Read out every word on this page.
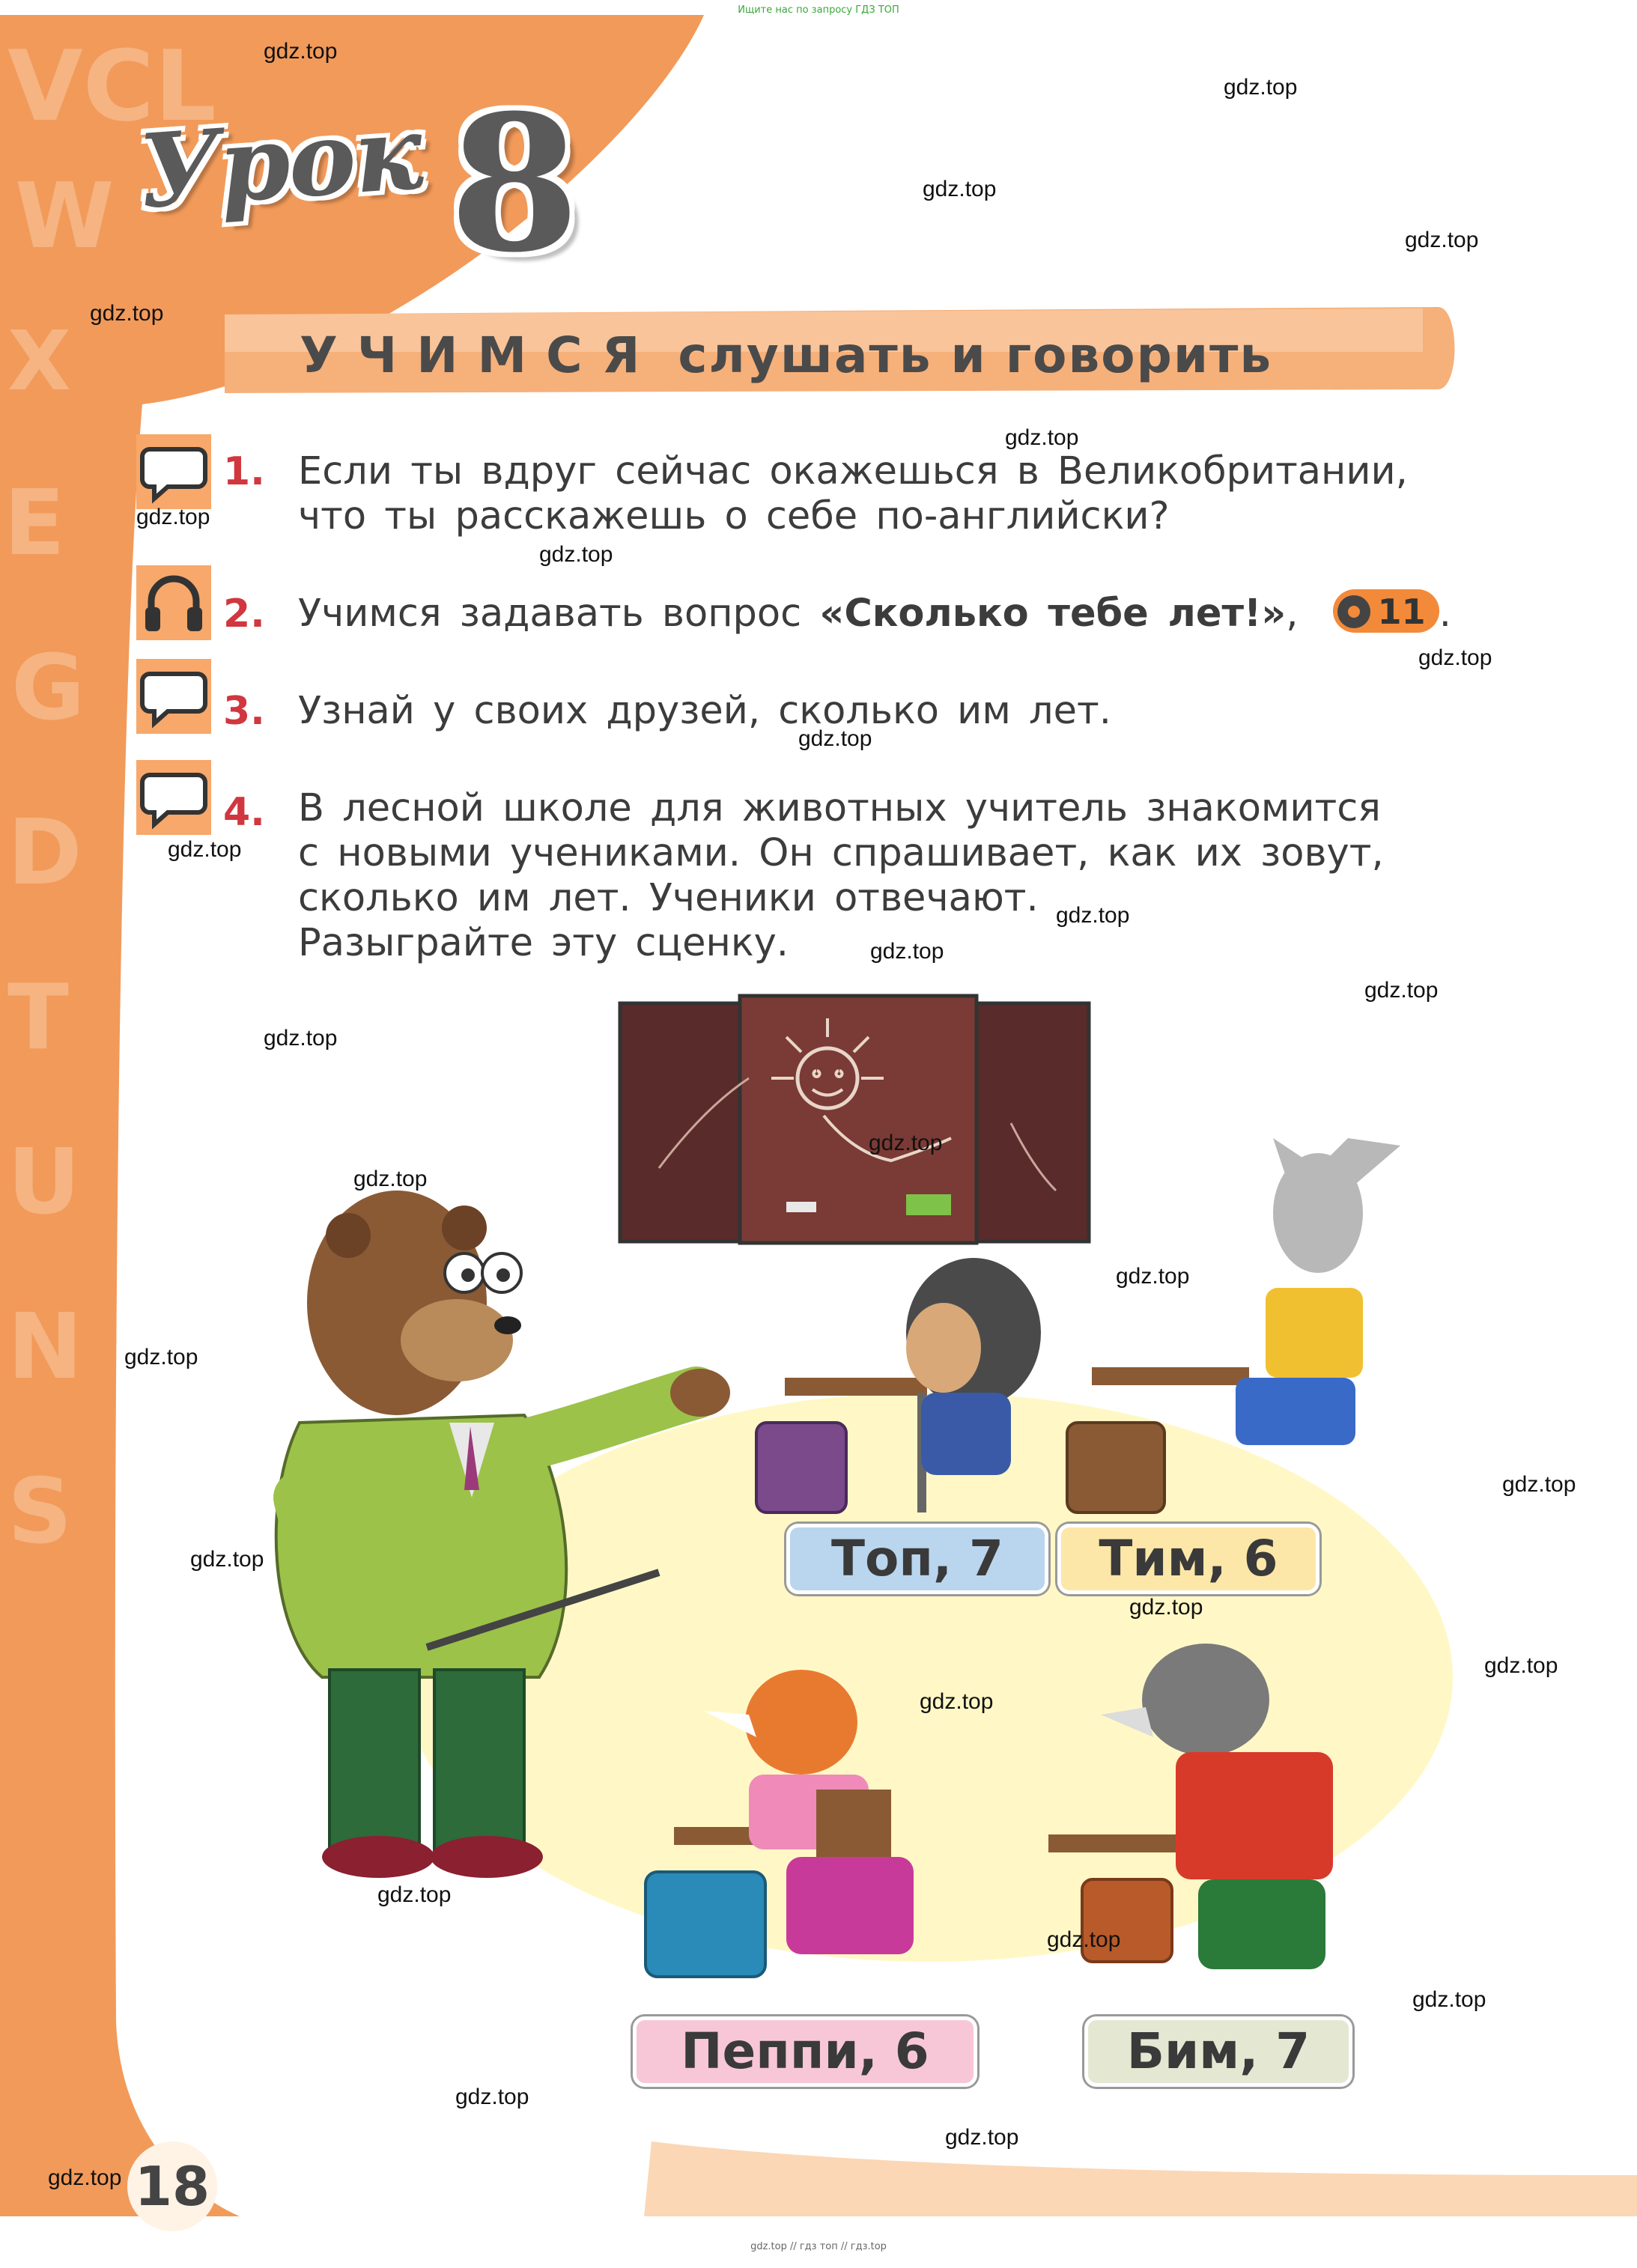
Ищите нас по запросу ГДЗ ТОП
VCL
W
X
E
G
D
T
U
N
S
Урок 8
УЧИМСЯ слушать и говорить
1. Если ты вдруг сейчас окажешься в Великобритании,
что ты расскажешь о себе по-английски?
2. Учимся задавать вопрос «Сколько тебе лет!», 11 .
3. Узнай у своих друзей, сколько им лет.
4. В лесной школе для животных учитель знакомится
с новыми учениками. Он спрашивает, как их зовут,
сколько им лет. Ученики отвечают.
Разыграйте эту сценку.
Топ, 7	Тим, 6
Пеппи, 6	Бим, 7
18
gdz.top // гдз топ // гдз.top
gdz.top
gdz.top
gdz.top
gdz.top
gdz.top
gdz.top
gdz.top
gdz.top
gdz.top
gdz.top
gdz.top
gdz.top
gdz.top
gdz.top
gdz.top
gdz.top
gdz.top
gdz.top
gdz.top
gdz.top
gdz.top
gdz.top
gdz.top
gdz.top
gdz.top
gdz.top
gdz.top
gdz.top
gdz.top
gdz.top
